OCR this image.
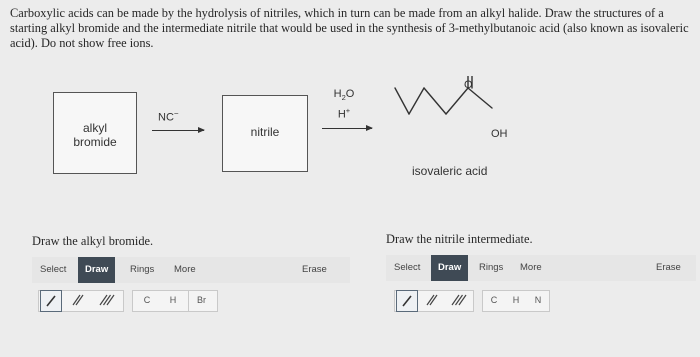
Carboxylic acids can be made by the hydrolysis of nitriles, which in turn can be made from an alkyl halide. Draw the structures of a starting alkyl bromide and the intermediate nitrile that would be used in the synthesis of 3-methylbutanoic acid (also known as isovaleric acid). Do not show free ions.
alkyl
bromide
NC−
nitrile
$H_2O$
H+
O
OH
isovaleric acid
Draw the alkyl bromide.
Select	Draw	Rings More	Erase
C	H	Br
Draw the nitrile intermediate.
Select	Draw	Rings More	Erase
C	H	N
